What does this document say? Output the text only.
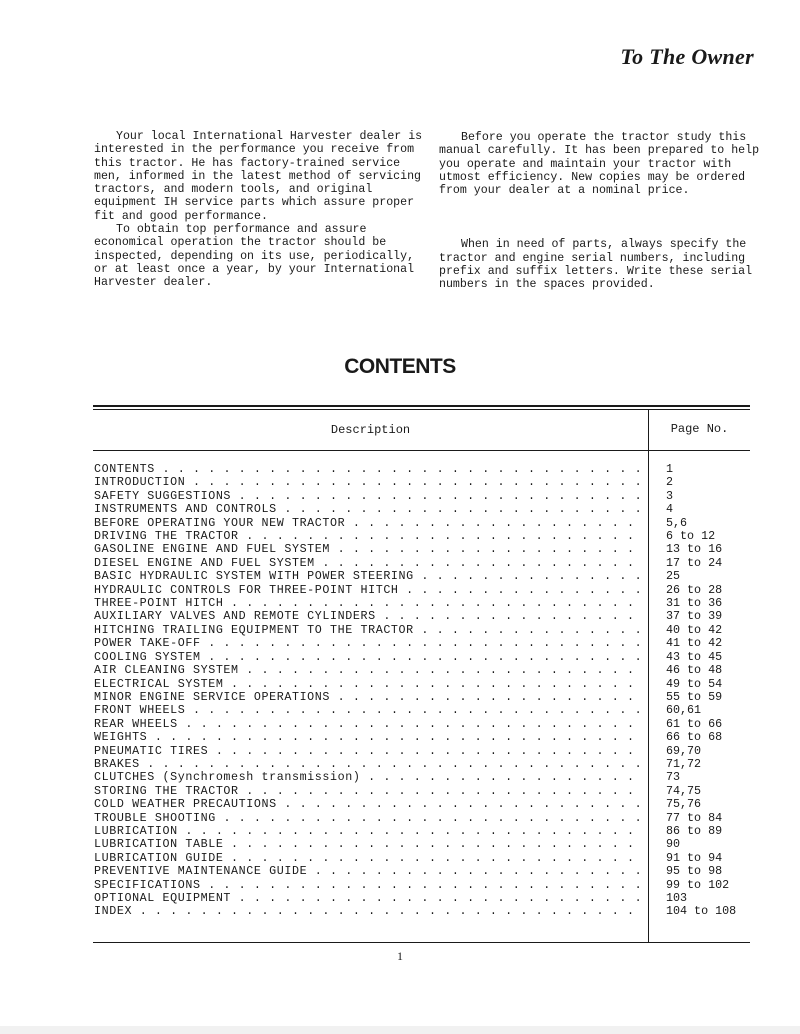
To The Owner

Your local International Harvester dealer is interested in the performance you receive from this tractor. He has factory-trained service men, informed in the latest method of servicing tractors, and modern tools, and original equipment IH service parts which assure proper fit and good performance.

To obtain top performance and assure economical operation the tractor should be inspected, depending on its use, periodically, or at least once a year, by your International Harvester dealer.

Before you operate the tractor study this manual carefully. It has been prepared to help you operate and maintain your tractor with utmost efficiency. New copies may be ordered from your dealer at a nominal price.

When in need of parts, always specify the tractor and engine serial numbers, including prefix and suffix letters. Write these serial numbers in the spaces provided.

CONTENTS
Description	Page No.
CONTENTS . . .	1
INTRODUCTION . . .	2
SAFETY SUGGESTIONS . . .	3
INSTRUMENTS AND CONTROLS . . .	4
BEFORE OPERATING YOUR NEW TRACTOR . . .	5,6
DRIVING THE TRACTOR . . .	6 to 12
GASOLINE ENGINE AND FUEL SYSTEM . . .	13 to 16
DIESEL ENGINE AND FUEL SYSTEM . . .	17 to 24
BASIC HYDRAULIC SYSTEM WITH POWER STEERING . . .	25
HYDRAULIC CONTROLS FOR THREE-POINT HITCH . . .	26 to 28
THREE-POINT HITCH . . .	31 to 36
AUXILIARY VALVES AND REMOTE CYLINDERS . . .	37 to 39
HITCHING TRAILING EQUIPMENT TO THE TRACTOR . . .	40 to 42
POWER TAKE-OFF . . .	41 to 42
COOLING SYSTEM . . .	43 to 45
AIR CLEANING SYSTEM . . .	46 to 48
ELECTRICAL SYSTEM . . .	49 to 54
MINOR ENGINE SERVICE OPERATIONS . . .	55 to 59
FRONT WHEELS . . .	60,61
REAR WHEELS . . .	61 to 66
WEIGHTS . . .	66 to 68
PNEUMATIC TIRES . . .	69,70
BRAKES . . .	71,72
CLUTCHES (Synchromesh transmission) . . .	73
STORING THE TRACTOR . . .	74,75
COLD WEATHER PRECAUTIONS . . .	75,76
TROUBLE SHOOTING . . .	77 to 84
LUBRICATION . . .	86 to 89
LUBRICATION TABLE . . .	90
LUBRICATION GUIDE . . .	91 to 94
PREVENTIVE MAINTENANCE GUIDE . . .	95 to 98
SPECIFICATIONS . . .	99 to 102
OPTIONAL EQUIPMENT . . .	103
INDEX . . .	104 to 108
1
